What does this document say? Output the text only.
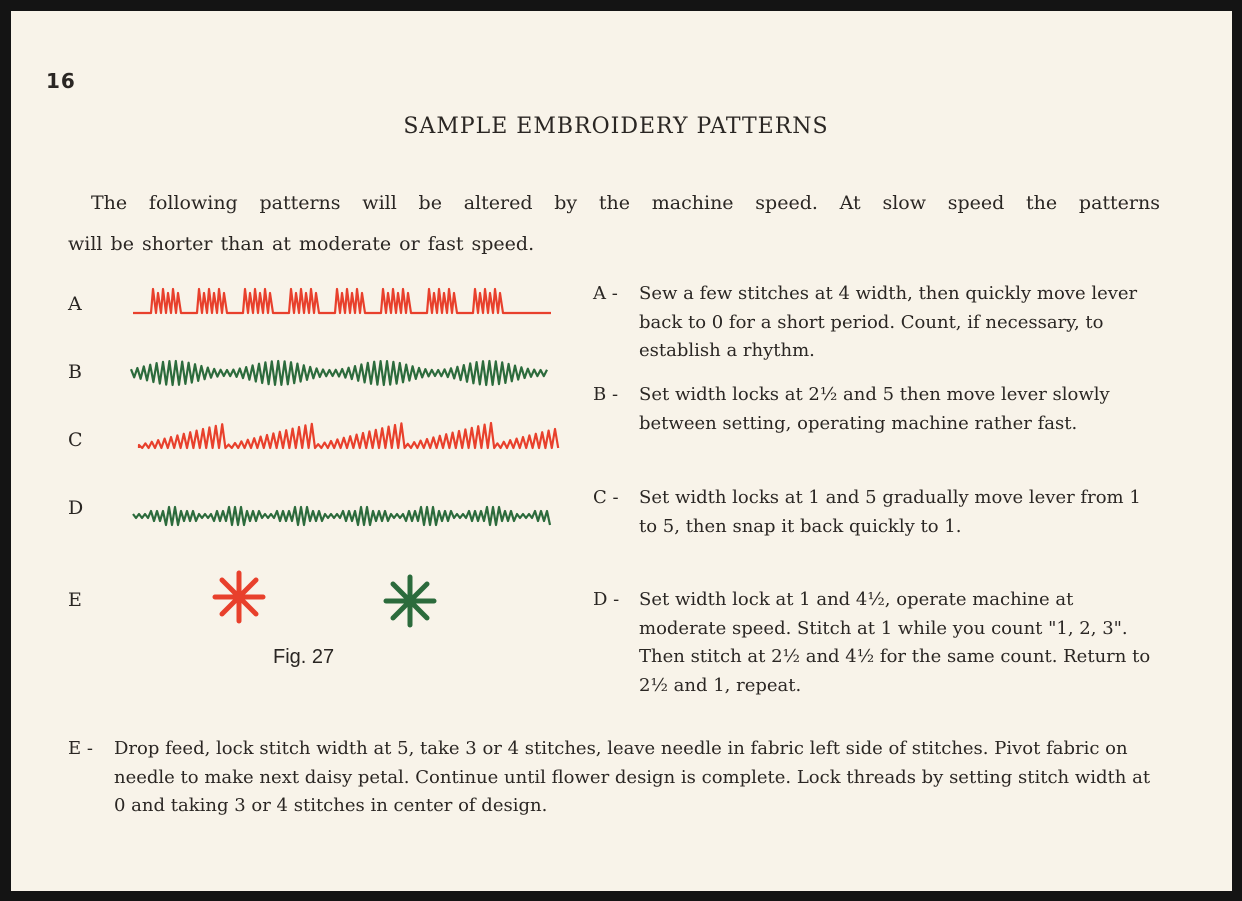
16
SAMPLE EMBROIDERY PATTERNS

The following patterns will be altered by the machine speed. At slow speed the patterns
will be shorter than at moderate or fast speed.

A
B
C
D
E
Fig. 27
A - Sew a few stitches at 4 width, then quickly move lever back to 0 for a short period. Count, if necessary, to establish a rhythm.
B - Set width locks at 2½ and 5 then move lever slowly between setting, operating machine rather fast.
C - Set width locks at 1 and 5 gradually move lever from 1 to 5, then snap it back quickly to 1.
D - Set width lock at 1 and 4½, operate machine at moderate speed. Stitch at 1 while you count "1, 2, 3". Then stitch at 2½ and 4½ for the same count. Return to 2½ and 1, repeat.
E - Drop feed, lock stitch width at 5, take 3 or 4 stitches, leave needle in fabric left side of stitches. Pivot fabric on needle to make next daisy petal. Continue until flower design is complete. Lock threads by setting stitch width at 0 and taking 3 or 4 stitches in center of design.
